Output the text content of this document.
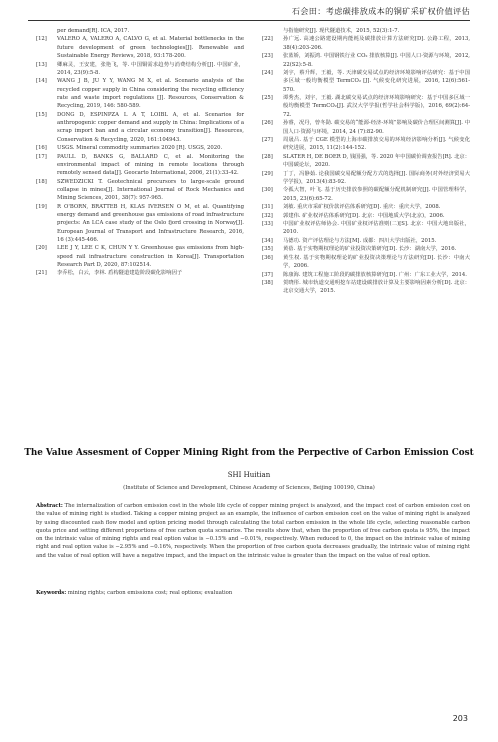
石会田：考虑碳排放成本的铜矿采矿权价值评估
per demand[R]. ICA, 2017.
[12] VALERO A, VALERO A, CALVO G, et al. Material bottlenecks in the future development of green technologies[J]. Renewable and Sustainable Energy Reviews, 2018, 93:178-200.
[13] 卿麻灵，王安建，张艳飞，等. 中国铜需求趋势与消费结构分析[J]. 中国矿业，2014, 23(9):5-8.
[14] WANG J B, JU Y Y, WANG M X, et al. Scenario analysis of the recycled copper supply in China considering the recycling efficiency rate and waste import regulations [J]. Resources, Conservation & Recycling, 2019, 146: 580-589.
[15] DONG D, ESPINPZA L A T, LOIBL A, et al. Scenarios for anthropogenic copper demand and supply in China: Implications of a scrap import ban and a circular economy transition[J]. Resources, Conservation & Recycling, 2020, 161:104943.
[16] USGS. Mineral commodity summaries 2020 [R]. USGS, 2020.
[17] PAULL D, BANKS G, BALLARD C, et al. Monitoring the environmental impact of mining in remote locations through remotely sensed data[J]. Geocarto International, 2006, 21(1):33-42.
[18] SZWEDZICKI T. Geotechnical precursors to large-scale ground collapse in mines[J]. International Journal of Rock Mechanics and Mining Sciences, 2001, 38(7): 957-965.
[19] R O'BORN, BRATTEB H, KLAS IVERSEN O M, et al. Quantifying energy demand and greenhouse gas emissions of road infrastructure projects: An LCA case study of the Oslo fjord crossing in Norway[J]. European Journal of Transport and Infrastructure Research, 2016, 16 (3):445-466.
[20] LEE J Y, LEE C K, CHUN Y Y. Greenhouse gas emissions from high-speed rail infrastructure construction in Korea[J]. Transportation Research Part D, 2020, 87:102514.
[21] 李乔松，白云，李林. 盾构隧道建造阶段碳化影响因子
与指施研究[J]. 现代隧道技术，2015, 52(3):1-7.
[22] 孙广远. 高速公路建设期内能耗及碳排放计算方法研究[D]. 公路工程，2013, 38(4):203-206.
[23] 张蓝娇，刘振鸿. 中国钢铁行业 CO₂ 排放核算[J]. 中国人口·资源与环境，2012, 22(S2):5-8.
[24] 刘宇，蔡升辉，王毅，等. 天津碳交易试点的经济环境影响评估研究：基于中国多区域一般均衡模型 TermCO₂ [J]. 气候变化研究进展，2016, 12(6):561-570.
[25] 谭秀杰，刘宇，王毅. 湖北碳交易试点的经济环境影响研究：基于中国多区域一般均衡模型 TermCO₂[J]. 武汉大学学报(哲学社会科学版)，2016, 69(2):64-72.
[26] 孙睿，况丹，曾冬勋. 碳交易的“能源-经济-环境”影响及碳价合理区间测算[J]. 中国人口·资源与环境，2014, 24 (7):82-90.
[27] 周晟吕. 基于 CGE 模型的上海市碳排放交易的环境经济影响分析[J]. 气候变化研究进展，2015, 11(2):144-152.
[28] SLATER H, DE BOER D, 钱国强，等. 2020 年中国碳价调查报告[R]. 北京：中国碳论坛，2020.
[29] 丁丁，冯静茹. 论我国碳交易配额分配方式的选择[J]. 国际商务(对外经济贸易大学学报)，2013(4):83-92.
[30] 令孤大智，叶飞. 基于历史排放参照的碳配额分配机制研究[J]. 中国管理科学，2015, 23(6):65-72.
[31] 刘敏. 重庆市采矿权价款评估体系研究[D]. 重庆：重庆大学，2008.
[32] 郭建伟. 矿业权评估体系研究[D]. 北京：中国地质大学(北京)，2006.
[33] 中国矿业权评估师协会. 中国矿业权评估准则(二)[S]. 北京：中国大地出版社，2010.
[34] 马德功. 资产评估理论与方法[M]. 成都：四川大学出版社，2015.
[35] 黄蓓. 基于实物期权理论的矿业投资决策研究[D]. 长沙：湖南大学，2016.
[36] 黄生权. 基于实物期权理论的矿业投资决策理论与方法研究[D]. 长沙：中南大学，2006.
[37] 陈康海. 建筑工程施工阶段的碳排放核算研究[D]. 广州：广东工业大学，2014.
[38] 贺晓彤. 城市轨道交通明挖车站建设碳排放计算及主要影响因素分析[D]. 北京：北京交通大学，2015.
The Value Assesment of Copper Mining Right from the Perpective of Carbon Emission Cost
SHI Huitian
(Institute of Science and Development, Chinese Academy of Sciences, Beijing 100190, China)
Abstract: The internalization of carbon emission cost in the whole life cycle of copper mining project is analyzed, and the impact cost of carbon emission cost on the value of mining right is studied. Taking a copper mining project as an example, the influence of carbon emission cost on the value of mining right is analyzed by using discounted cash flow model and option pricing model through calculating the total carbon emission in the whole life cycle, selecting reasonable carbon quota price and setting different proportions of free carbon quota scenarios. The results show that, when the proportion of free carbon quota is 95%, the impact on the intrinsic value of mining rights and real option value is −0.15% and −0.01%, respectively. When reduced to 0, the impact on the intrinsic value of mining right and real option value is −2.95% and −0.16%, respectively. When the proportion of free carbon quota decreases gradually, the intrinsic value of mining right and the value of real option will have a negative impact, and the impact on the intrinsic value is greater than the impact on the value of real option.
Keywords: mining rights; carbon emissions cost; real options; evaluation
203
